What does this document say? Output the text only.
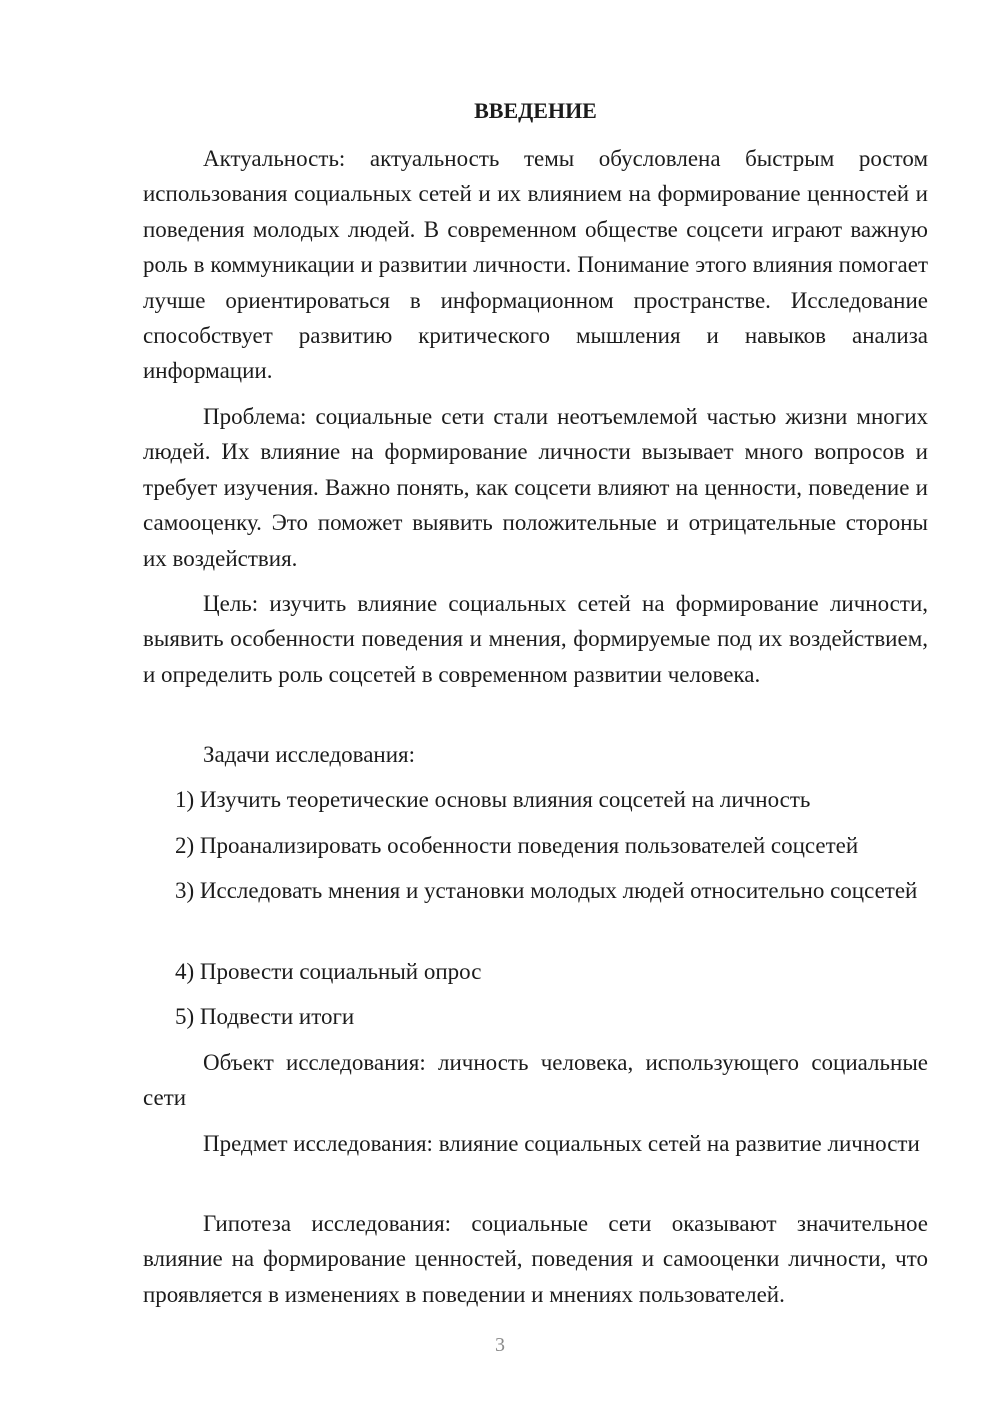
ВВЕДЕНИЕ

Актуальность: актуальность темы обусловлена быстрым ростом использования социальных сетей и их влиянием на формирование ценностей и поведения молодых людей. В современном обществе соцсети играют важную роль в коммуникации и развитии личности. Понимание этого влияния помогает лучше ориентироваться в информационном пространстве. Исследование способствует развитию критического мышления и навыков анализа информации.

Проблема: социальные сети стали неотъемлемой частью жизни многих людей. Их влияние на формирование личности вызывает много вопросов и требует изучения. Важно понять, как соцсети влияют на ценности, поведение и самооценку. Это поможет выявить положительные и отрицательные стороны их воздействия.

Цель: изучить влияние социальных сетей на формирование личности, выявить особенности поведения и мнения, формируемые под их воздействием, и определить роль соцсетей в современном развитии человека.

Задачи исследования:

1) Изучить теоретические основы влияния соцсетей на личность

2) Проанализировать особенности поведения пользователей соцсетей

3) Исследовать мнения и установки молодых людей относительно соцсетей

4) Провести социальный опрос

5) Подвести итоги

Объект исследования: личность человека, использующего социальные сети

Предмет исследования: влияние социальных сетей на развитие личности

Гипотеза исследования: социальные сети оказывают значительное влияние на формирование ценностей, поведения и самооценки личности, что проявляется в изменениях в поведении и мнениях пользователей.

3
